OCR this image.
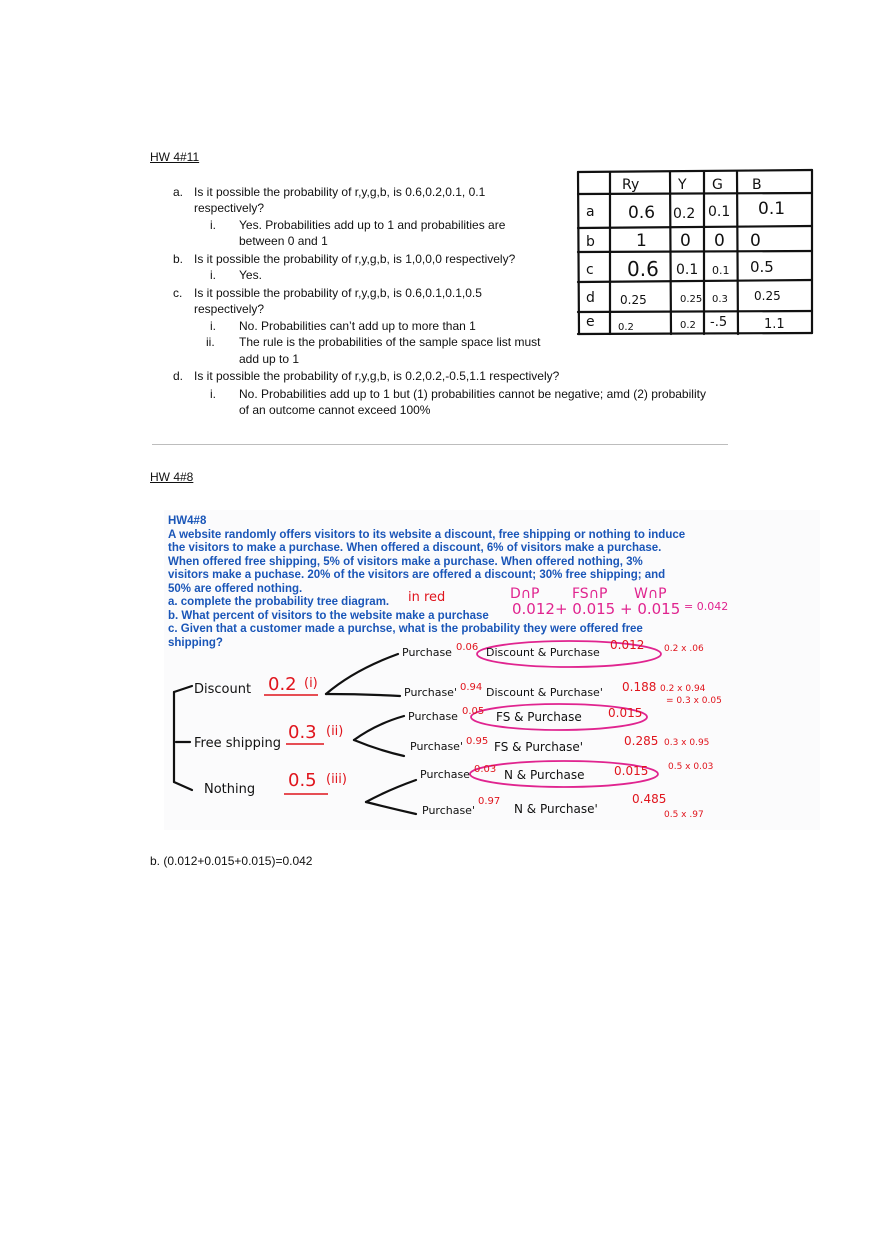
HW 4#11
a. Is it possible the probability of r,y,g,b, is 0.6,0.2,0.1, 0.1
respectively?
i. Yes. Probabilities add up to 1 and probabilities are
between 0 and 1
b. Is it possible the probability of r,y,g,b, is 1,0,0,0 respectively?
i. Yes.
c. Is it possible the probability of r,y,g,b, is 0.6,0.1,0.1,0.5
respectively?
i. No. Probabilities can’t add up to more than 1
ii. The rule is the probabilities of the sample space list must
add up to 1
d. Is it possible the probability of r,y,g,b, is 0.2,0.2,-0.5,1.1 respectively?
i. No. Probabilities add up to 1 but (1) probabilities cannot be negative; amd (2) probability
of an outcome cannot exceed 100%
Ry	Y G B
a 0.6 0.2 0.1 0.1
b 1 0 0 0
c 0.6 0.1 0.1 0.5
d 0.25	0.25 0.3 0.25
e 0.2	0.2 -.5	1.1
HW 4#8
HW4#8
A website randomly offers visitors to its website a discount, free shipping or nothing to induce
the visitors to make a purchase. When offered a discount, 6% of visitors make a purchase.
When offered free shipping, 5% of visitors make a purchase. When offered nothing, 3%
visitors make a puchase. 20% of the visitors are offered a discount; 30% free shipping; and
50% are offered nothing.
a. complete the probability tree diagram.
b. What percent of visitors to the website make a purchase
c. Given that a customer made a purchse, what is the probability they were offered free
shipping?
in red	D∩P FS∩P W∩P
0.012+ 0.015 + 0.015 = 0.042
Discount 0.2 (i)
Free shipping
0.3 (ii)
Nothing 0.5 (iii)
Purchase 0.06 Discount & Purchase
0.012 0.2 x .06
Purchase' 0.94 Discount & Purchase' 0.188 0.2 x 0.94
Purchase 0.05 FS & Purchase 0.015
= 0.3 x 0.05
Purchase' 0.95 FS & Purchase'	0.285 0.3 x 0.95
Purchase 0.03 N & Purchase 0.015 0.5 x 0.03
Purchase'
0.97
N & Purchase'
0.485
0.5 x .97
b. (0.012+0.015+0.015)=0.042
